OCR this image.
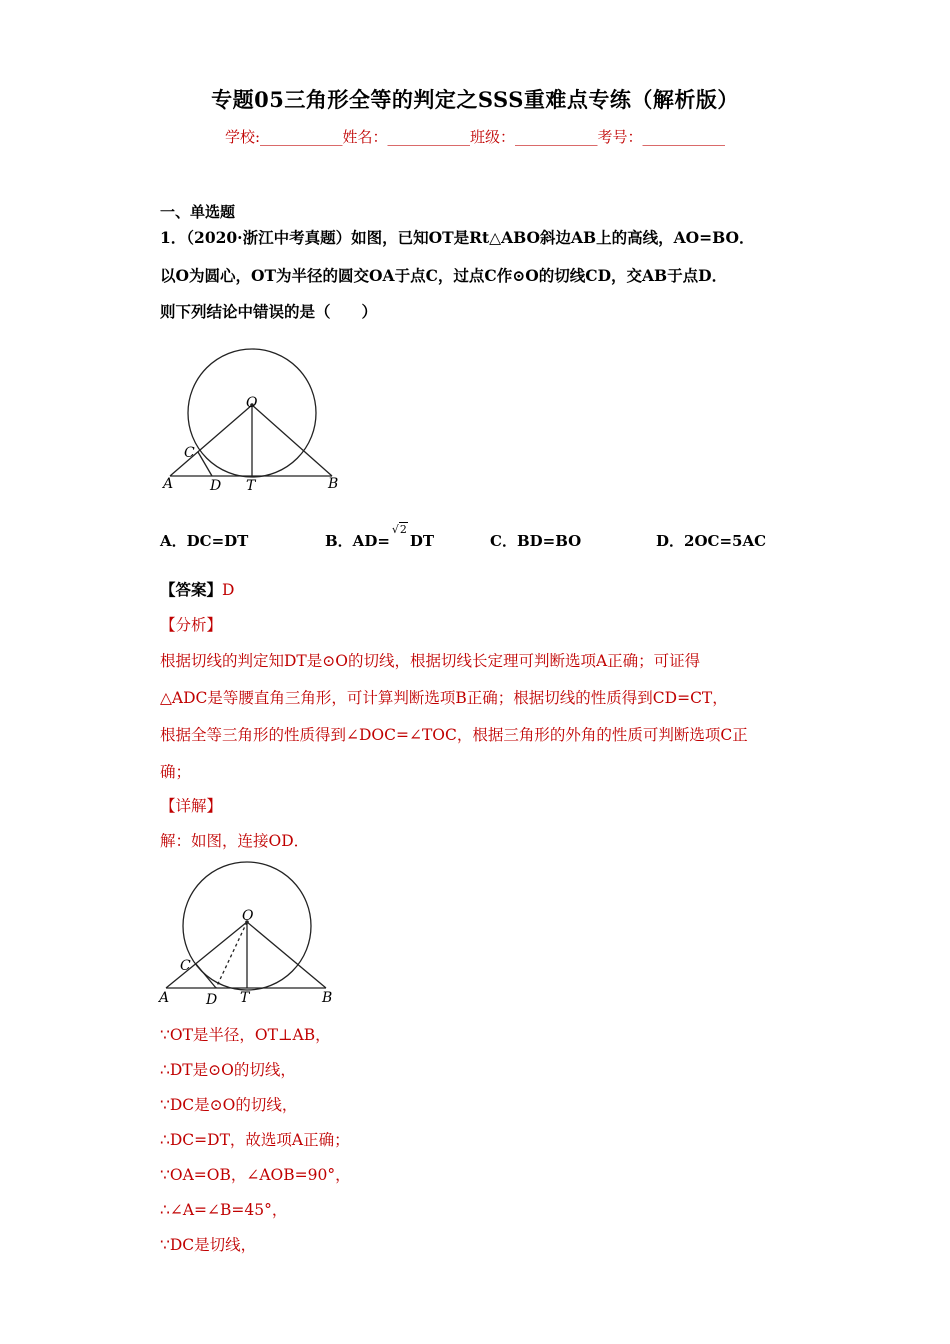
专题05三角形全等的判定之SSS重难点专练（解析版）
学校:___________姓名：___________班级：___________考号：___________
一、单选题
1．（2020·浙江中考真题）如图，已知OT是Rt△ABO斜边AB上的高线，AO=BO．
以O为圆心，OT为半径的圆交OA于点C，过点C作⊙O的切线CD，交AB于点D．
则下列结论中错误的是（　　）
O
C
A	D T	B
A．DC=DT	B．AD=√2DT	C．BD=BO	D．2OC=5AC
【答案】D
【分析】
根据切线的判定知DT是⊙O的切线，根据切线长定理可判断选项A正确；可证得
△ADC是等腰直角三角形，可计算判断选项B正确；根据切线的性质得到CD=CT，
根据全等三角形的性质得到∠DOC=∠TOC，根据三角形的外角的性质可判断选项C正
确；
【详解】
解：如图，连接OD．
O
C
A	D T	B
∵OT是半径，OT⊥AB，
∴DT是⊙O的切线，
∵DC是⊙O的切线，
∴DC=DT，故选项A正确；
∵OA=OB，∠AOB=90°，
∴∠A=∠B=45°，
∵DC是切线，
